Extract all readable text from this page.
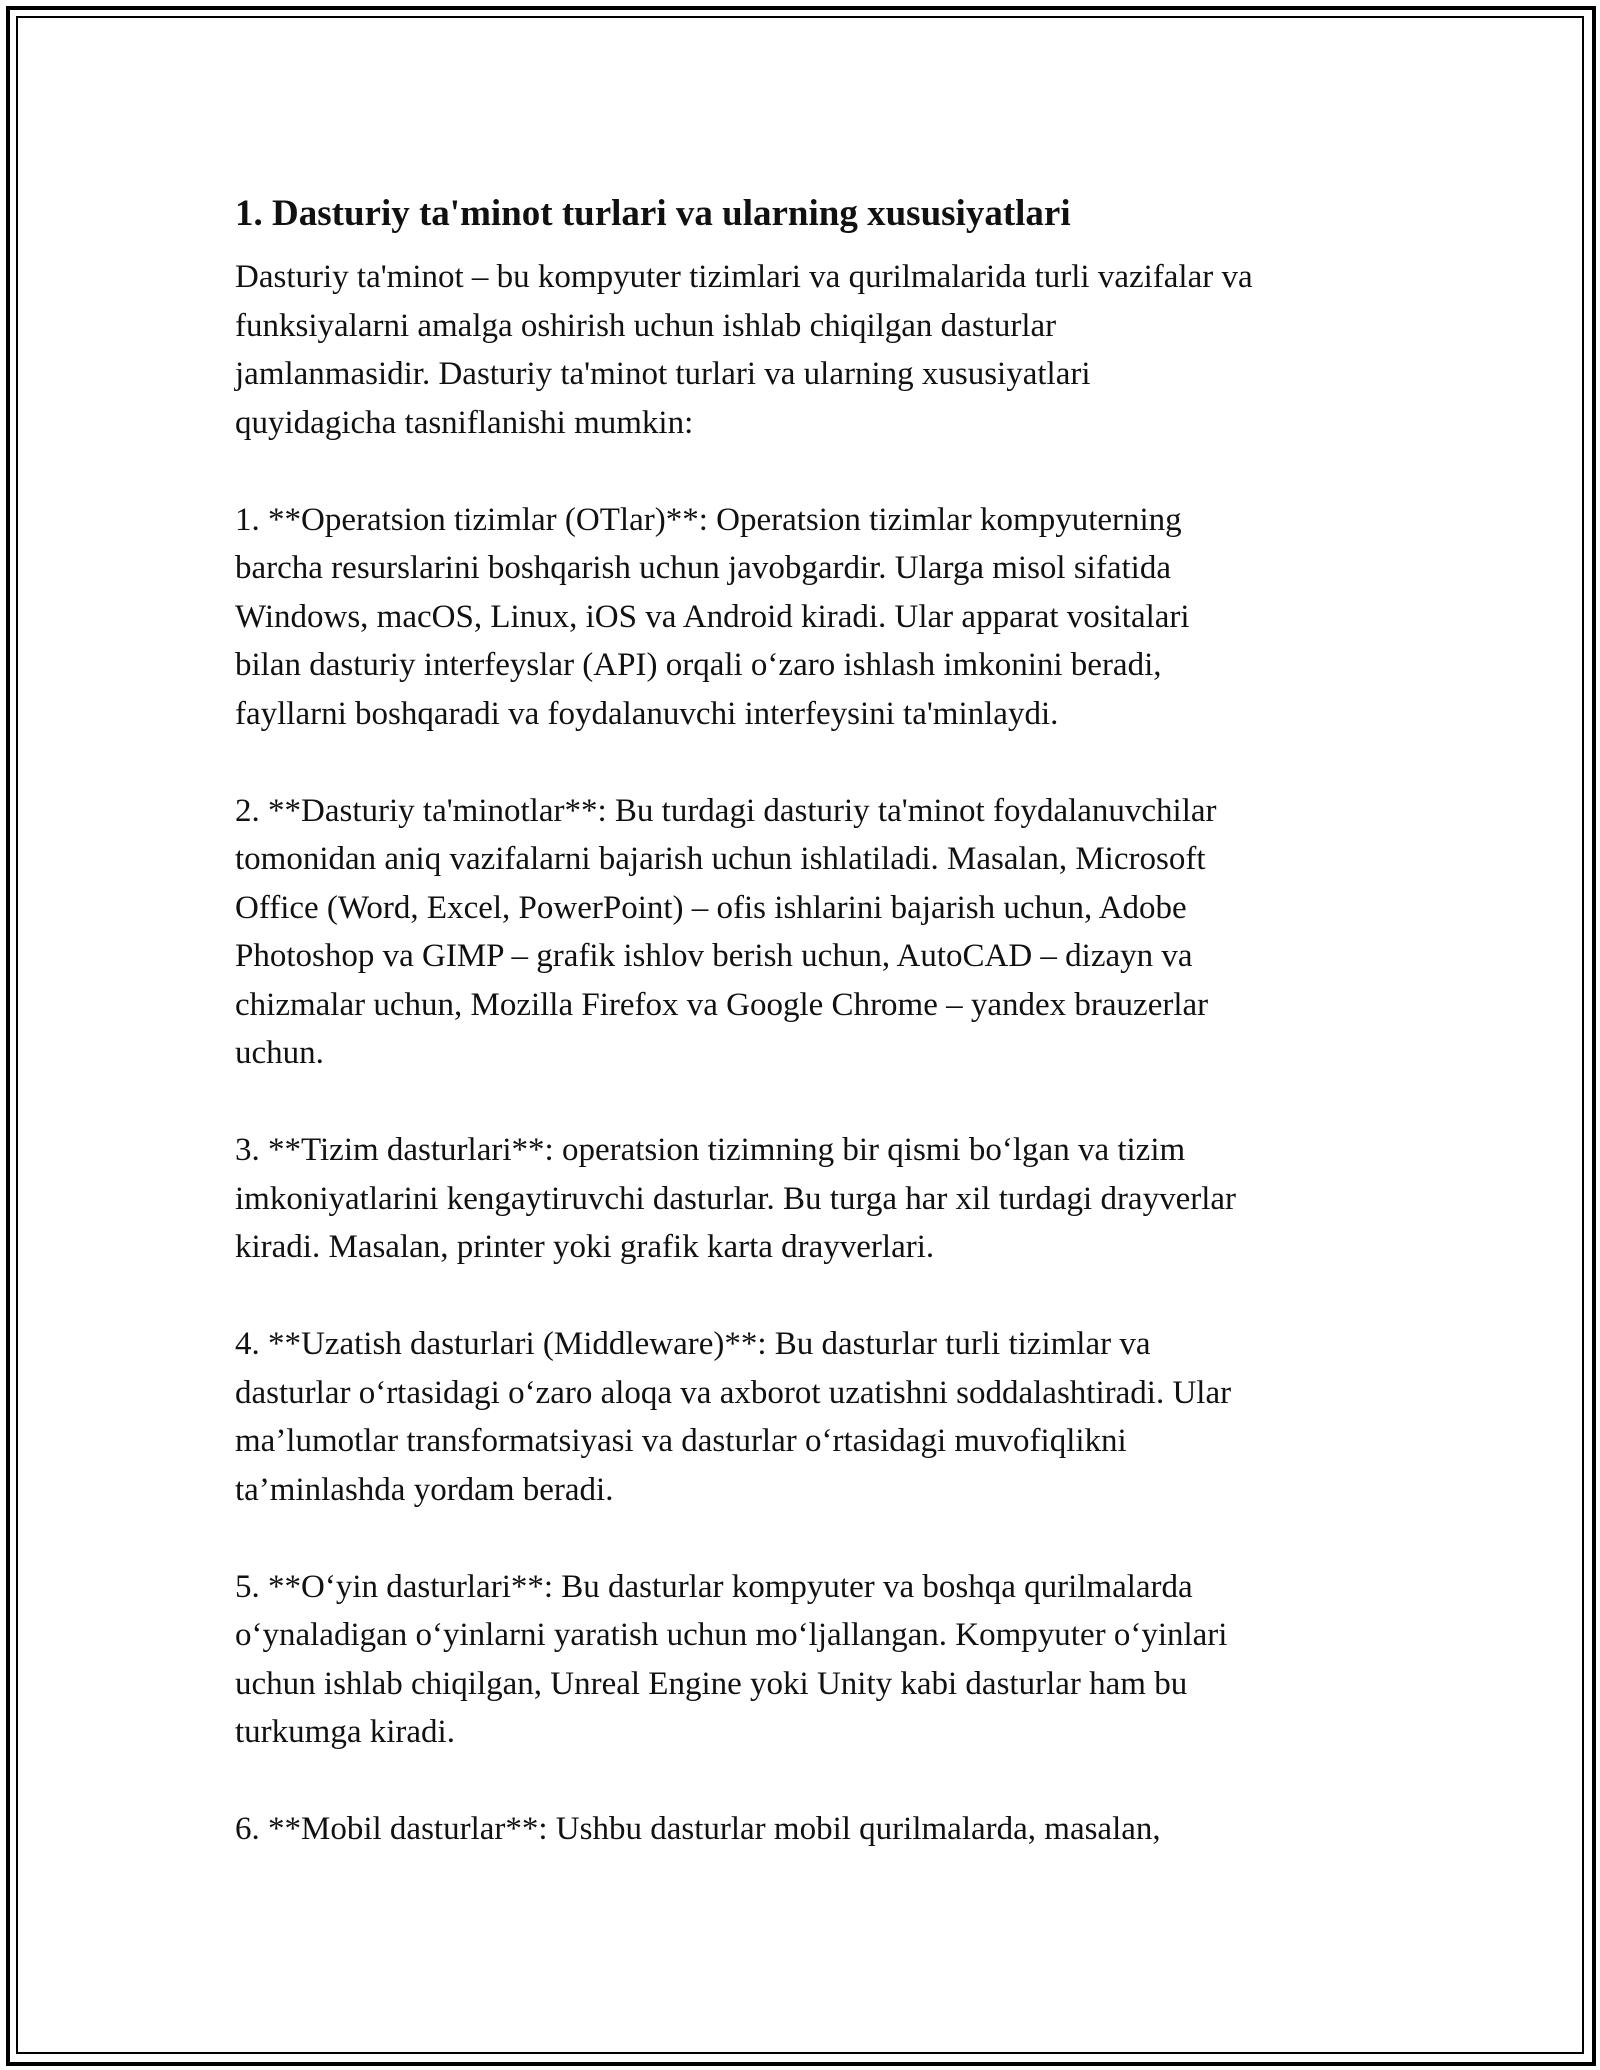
1. Dasturiy ta'minot turlari va ularning xususiyatlari
Dasturiy ta'minot – bu kompyuter tizimlari va qurilmalarida turli vazifalar va
funksiyalarni amalga oshirish uchun ishlab chiqilgan dasturlar
jamlanmasidir. Dasturiy ta'minot turlari va ularning xususiyatlari
quyidagicha tasniflanishi mumkin:
1. **Operatsion tizimlar (OTlar)**: Operatsion tizimlar kompyuterning
barcha resurslarini boshqarish uchun javobgardir. Ularga misol sifatida
Windows, macOS, Linux, iOS va Android kiradi. Ular apparat vositalari
bilan dasturiy interfeyslar (API) orqali o‘zaro ishlash imkonini beradi,
fayllarni boshqaradi va foydalanuvchi interfeysini ta'minlaydi.
2. **Dasturiy ta'minotlar**: Bu turdagi dasturiy ta'minot foydalanuvchilar
tomonidan aniq vazifalarni bajarish uchun ishlatiladi. Masalan, Microsoft
Office (Word, Excel, PowerPoint) – ofis ishlarini bajarish uchun, Adobe
Photoshop va GIMP – grafik ishlov berish uchun, AutoCAD – dizayn va
chizmalar uchun, Mozilla Firefox va Google Chrome – yandex brauzerlar
uchun.
3. **Tizim dasturlari**: operatsion tizimning bir qismi bo‘lgan va tizim
imkoniyatlarini kengaytiruvchi dasturlar. Bu turga har xil turdagi drayverlar
kiradi. Masalan, printer yoki grafik karta drayverlari.
4. **Uzatish dasturlari (Middleware)**: Bu dasturlar turli tizimlar va
dasturlar o‘rtasidagi o‘zaro aloqa va axborot uzatishni soddalashtiradi. Ular
ma’lumotlar transformatsiyasi va dasturlar o‘rtasidagi muvofiqlikni
ta’minlashda yordam beradi.
5. **O‘yin dasturlari**: Bu dasturlar kompyuter va boshqa qurilmalarda
o‘ynaladigan o‘yinlarni yaratish uchun mo‘ljallangan. Kompyuter o‘yinlari
uchun ishlab chiqilgan, Unreal Engine yoki Unity kabi dasturlar ham bu
turkumga kiradi.
6. **Mobil dasturlar**: Ushbu dasturlar mobil qurilmalarda, masalan,
